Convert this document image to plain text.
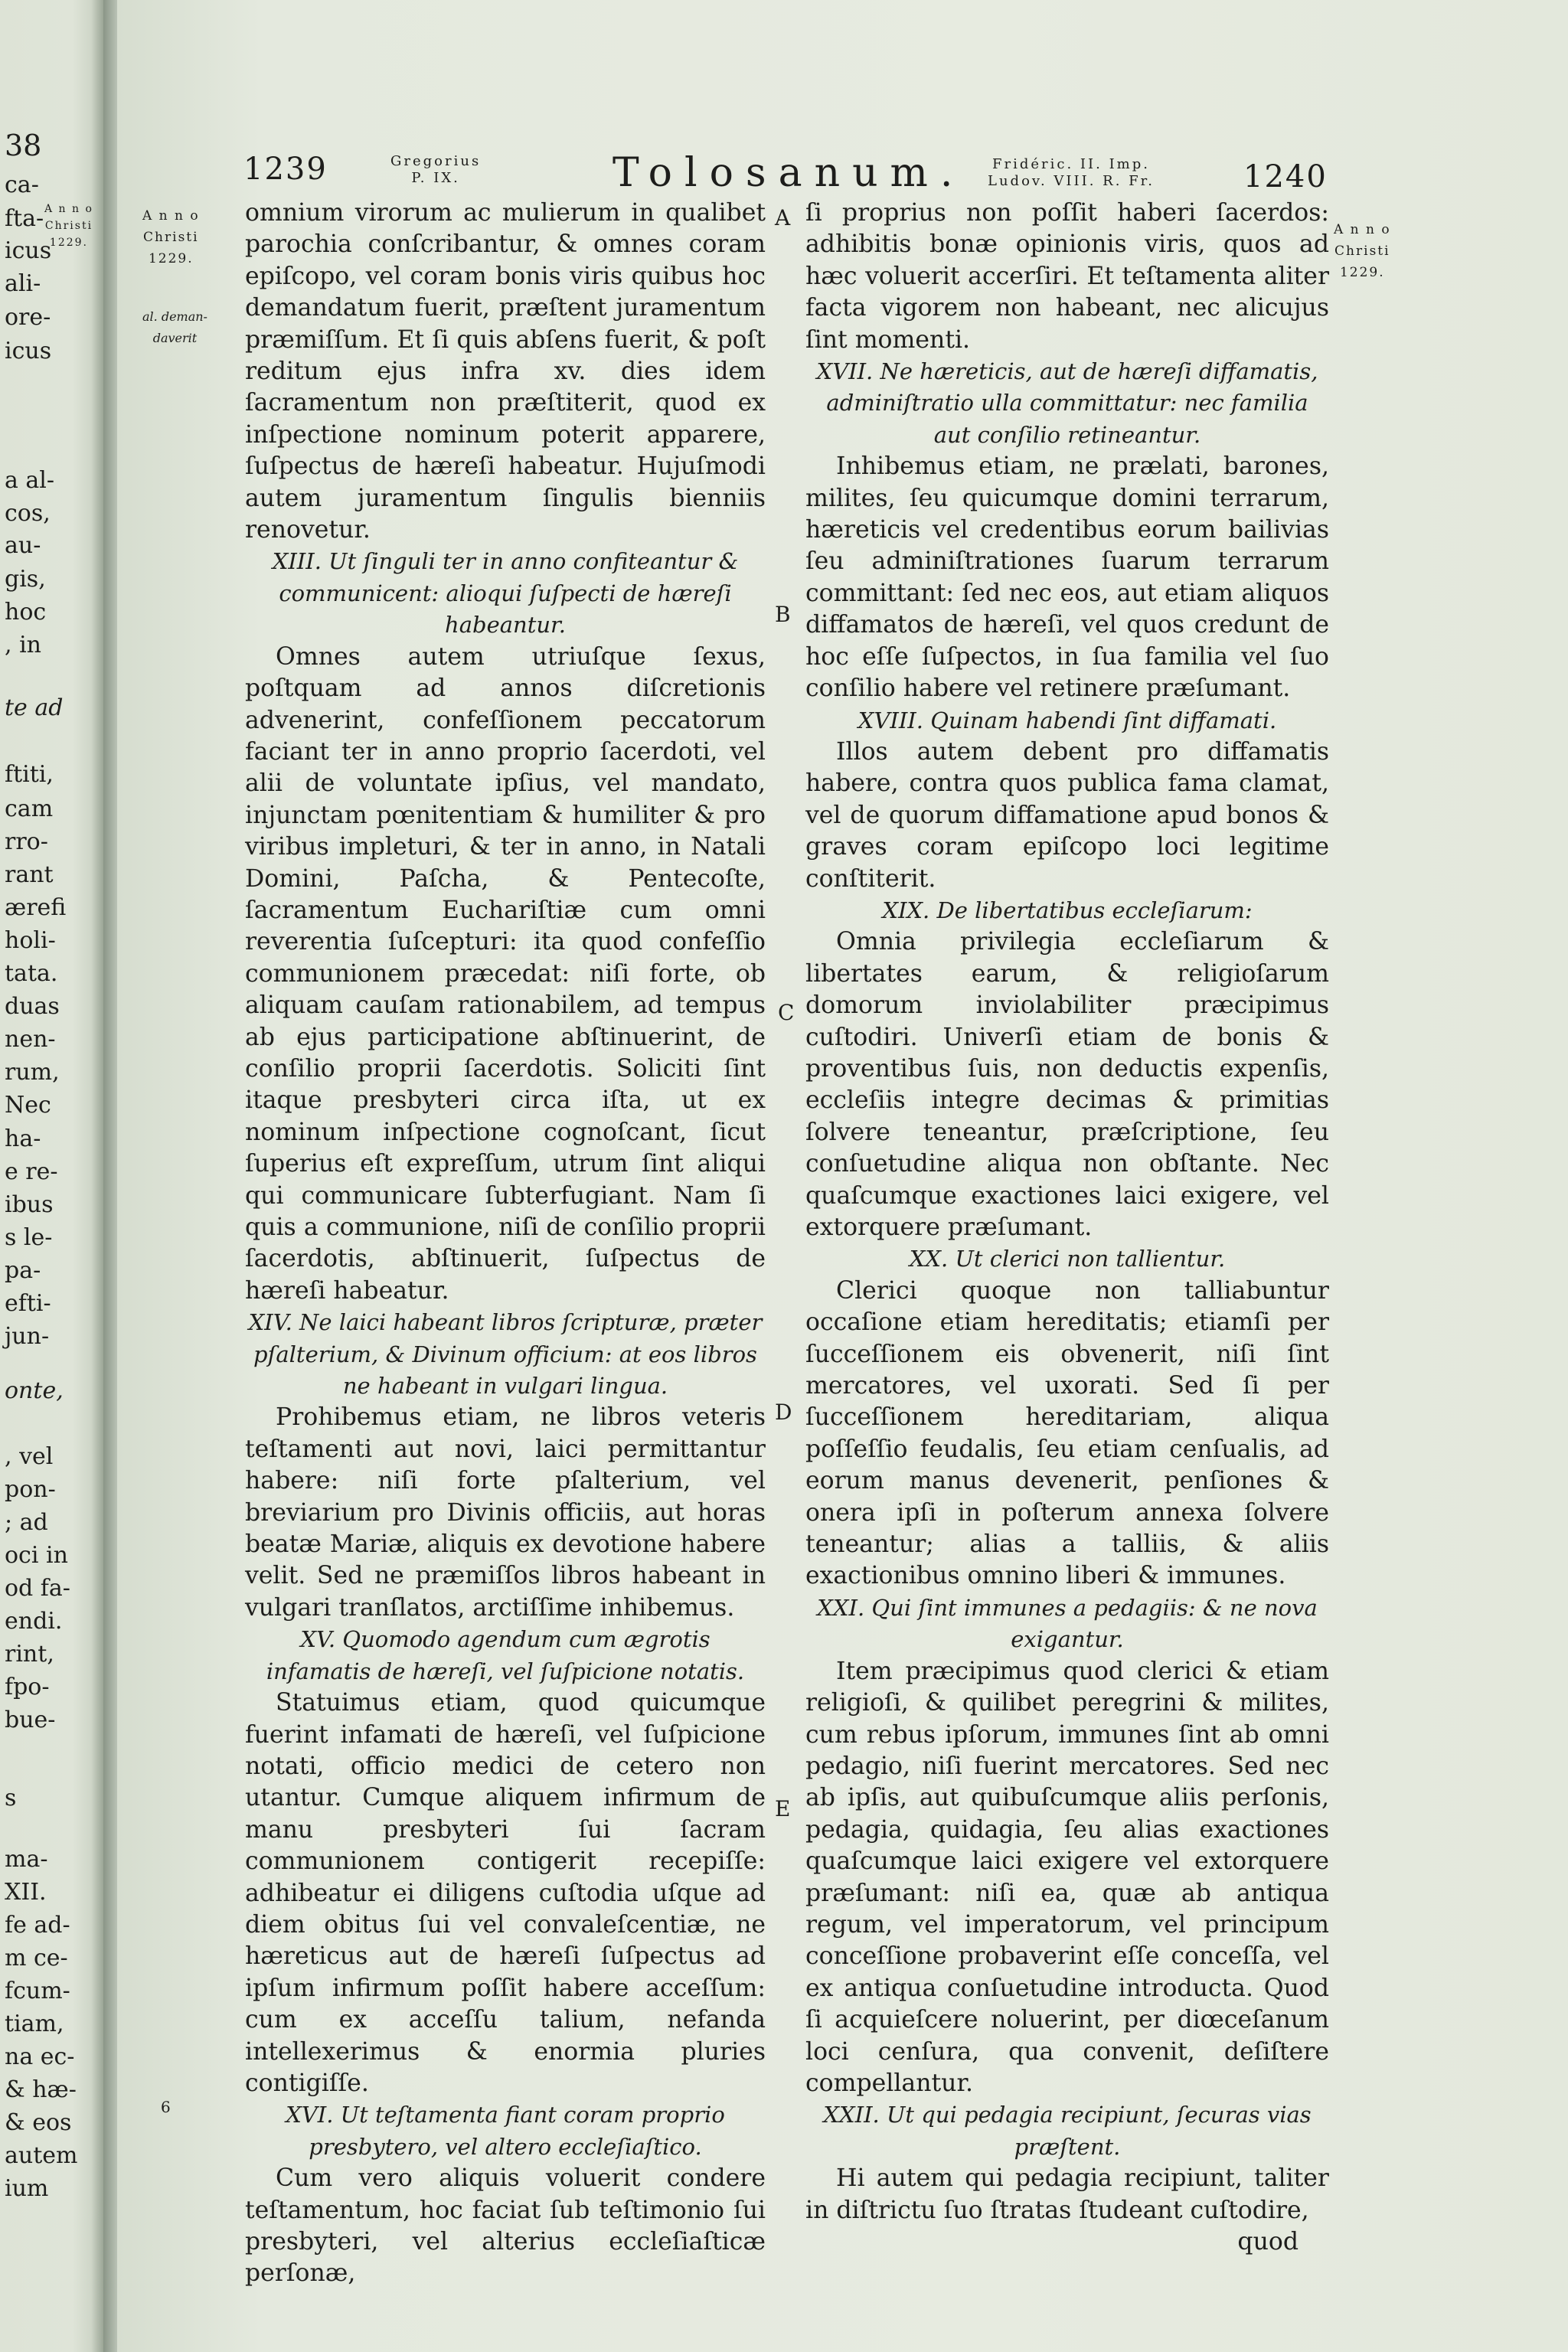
38
ca-
fta-
icus
ali-
ore-
icus
a al-
cos,
au-
gis,
hoc
, in
te ad
ftiti,
cam
rro-
rant
ærefi
holi-
tata.
duas
nen-
rum,
Nec
ha-
e re-
ibus
s le-
pa-
efti-
jun-
onte,
, vel
pon-
; ad
oci in
od fa-
endi.
rint,
fpo-
bue-
s
ma-
XII.
fe ad-
m ce-
fcum-
tiam,
na ec-
& hæ-
& eos
autem
ium
A n n o
Christi
1229.
1239	Gregorius
P. IX.	Tolosanum.	Fridéric. II. Imp.
Ludov. VIII. R. Fr.	1240
A n n o
Christi
1229.
al. deman-
daverit
A n n o
Christi
1229.

omnium virorum ac mulierum in qualibet parochia conſcribantur, & omnes coram epiſcopo, vel coram bonis viris quibus hoc demandatum fuerit, præſtent juramentum præmiſſum. Et ſi quis abſens fuerit, & poſt reditum ejus infra xv. dies idem ſacramentum non præſtiterit, quod ex inſpectione nominum poterit apparere, ſuſpectus de hæreſi habeatur. Hujuſmodi autem juramentum ſingulis bienniis renovetur.

XIII. Ut ſinguli ter in anno confiteantur & communicent: alioqui ſuſpecti de hæreſi habeantur.

Omnes autem utriuſque ſexus, poſtquam ad annos diſcretionis advenerint, confeſſionem peccatorum faciant ter in anno proprio ſacerdoti, vel alii de voluntate ipſius, vel mandato, injunctam pœnitentiam & humiliter & pro viribus impleturi, & ter in anno, in Natali Domini, Paſcha, & Pentecoſte, ſacramentum Euchariſtiæ cum omni reverentia ſuſcepturi: ita quod confeſſio communionem præcedat: niſi forte, ob aliquam cauſam rationabilem, ad tempus ab ejus participatione abſtinuerint, de conſilio proprii ſacerdotis. Soliciti ſint itaque presbyteri circa iſta, ut ex nominum inſpectione cognoſcant, ſicut ſuperius eſt expreſſum, utrum ſint aliqui qui communicare ſubterfugiant. Nam ſi quis a communione, niſi de conſilio proprii ſacerdotis, abſtinuerit, ſuſpectus de hæreſi habeatur.

XIV. Ne laici habeant libros ſcripturæ, præter pſalterium, & Divinum officium: at eos libros ne habeant in vulgari lingua.

Prohibemus etiam, ne libros veteris teſtamenti aut novi, laici permittantur habere: niſi forte pſalterium, vel breviarium pro Divinis officiis, aut horas beatæ Mariæ, aliquis ex devotione habere velit. Sed ne præmiſſos libros habeant in vulgari tranſlatos, arctiſſime inhibemus.

XV. Quomodo agendum cum ægrotis infamatis de hæreſi, vel ſuſpicione notatis.

Statuimus etiam, quod quicumque fuerint infamati de hæreſi, vel ſuſpicione notati, officio medici de cetero non utantur. Cumque aliquem infirmum de manu presbyteri ſui ſacram communionem contigerit recepiſſe: adhibeatur ei diligens cuſtodia uſque ad diem obitus ſui vel convaleſcentiæ, ne hæreticus aut de hæreſi ſuſpectus ad ipſum infirmum poſſit habere acceſſum: cum ex acceſſu talium, nefanda intellexerimus & enormia pluries contigiſſe.

XVI. Ut teſtamenta fiant coram proprio presbytero, vel altero eccleſiaſtico.

Cum vero aliquis voluerit condere teſtamentum, hoc faciat ſub teſtimonio ſui presbyteri, vel alterius eccleſiaſticæ perſonæ,

ſi proprius non poſſit haberi ſacerdos: adhibitis bonæ opinionis viris, quos ad hæc voluerit accerſiri. Et teſtamenta aliter facta vigorem non habeant, nec alicujus ſint momenti.

XVII. Ne hæreticis, aut de hæreſi diffamatis, adminiſtratio ulla committatur: nec familia aut conſilio retineantur.

Inhibemus etiam, ne prælati, barones, milites, ſeu quicumque domini terrarum, hæreticis vel credentibus eorum bailivias ſeu adminiſtrationes ſuarum terrarum committant: ſed nec eos, aut etiam aliquos diffamatos de hæreſi, vel quos credunt de hoc eſſe ſuſpectos, in ſua familia vel ſuo conſilio habere vel retinere præſumant.

XVIII. Quinam habendi ſint diffamati.

Illos autem debent pro diffamatis habere, contra quos publica fama clamat, vel de quorum diffamatione apud bonos & graves coram epiſcopo loci legitime conſtiterit.

XIX. De libertatibus eccleſiarum:

Omnia privilegia eccleſiarum & libertates earum, & religioſarum domorum inviolabiliter præcipimus cuſtodiri. Univerſi etiam de bonis & proventibus ſuis, non deductis expenſis, eccleſiis integre decimas & primitias ſolvere teneantur, præſcriptione, ſeu conſuetudine aliqua non obſtante. Nec quaſcumque exactiones laici exigere, vel extorquere præſumant.

XX. Ut clerici non tallientur.

Clerici quoque non talliabuntur occaſione etiam hereditatis; etiamſi per ſucceſſionem eis obvenerit, niſi ſint mercatores, vel uxorati. Sed ſi per ſucceſſionem hereditariam, aliqua poſſeſſio feudalis, ſeu etiam cenſualis, ad eorum manus devenerit, penſiones & onera ipſi in poſterum annexa ſolvere teneantur; alias a talliis, & aliis exactionibus omnino liberi & immunes.

XXI. Qui ſint immunes a pedagiis: & ne nova exigantur.

Item præcipimus quod clerici & etiam religioſi, & quilibet peregrini & milites, cum rebus ipſorum, immunes ſint ab omni pedagio, niſi fuerint mercatores. Sed nec ab ipſis, aut quibuſcumque aliis perſonis, pedagia, quidagia, ſeu alias exactiones quaſcumque laici exigere vel extorquere præſumant: niſi ea, quæ ab antiqua regum, vel imperatorum, vel principum conceſſione probaverint eſſe conceſſa, vel ex antiqua conſuetudine introducta. Quod ſi acquieſcere noluerint, per diœceſanum loci cenſura, qua convenit, deſiſtere compellantur.

XXII. Ut qui pedagia recipiunt, ſecuras vias præſtent.

Hi autem qui pedagia recipiunt, taliter in diſtrictu ſuo ſtratas ſtudeant cuſtodire,

quod

A
B
C
D
E
6
